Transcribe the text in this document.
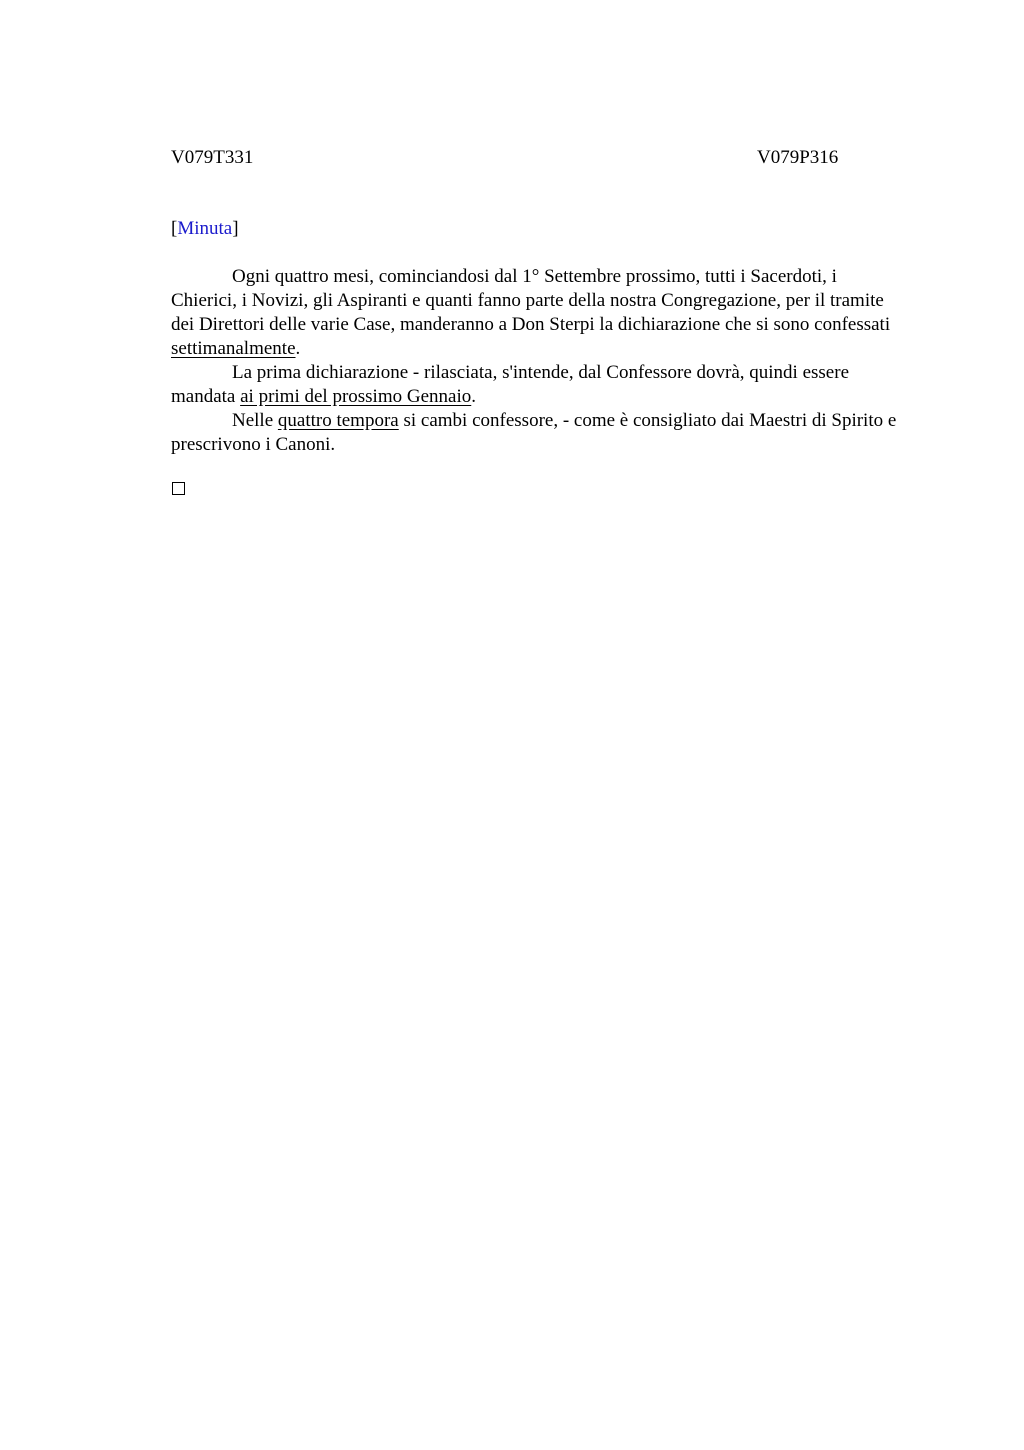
V079T331	V079P316
[Minuta]

Ogni quattro mesi, cominciandosi dal 1° Settembre prossimo, tutti i Sacerdoti, i Chierici, i Novizi, gli Aspiranti e quanti fanno parte della nostra Congregazione, per il tramite dei Direttori delle varie Case, manderanno a Don Sterpi la dichiarazione che si sono confessati settimanalmente.

La prima dichiarazione - rilasciata, s'intende, dal Confessore dovrà, quindi essere mandata ai primi del prossimo Gennaio.

Nelle quattro tempora si cambi confessore, - come è consigliato dai Maestri di Spirito e prescrivono i Canoni.
